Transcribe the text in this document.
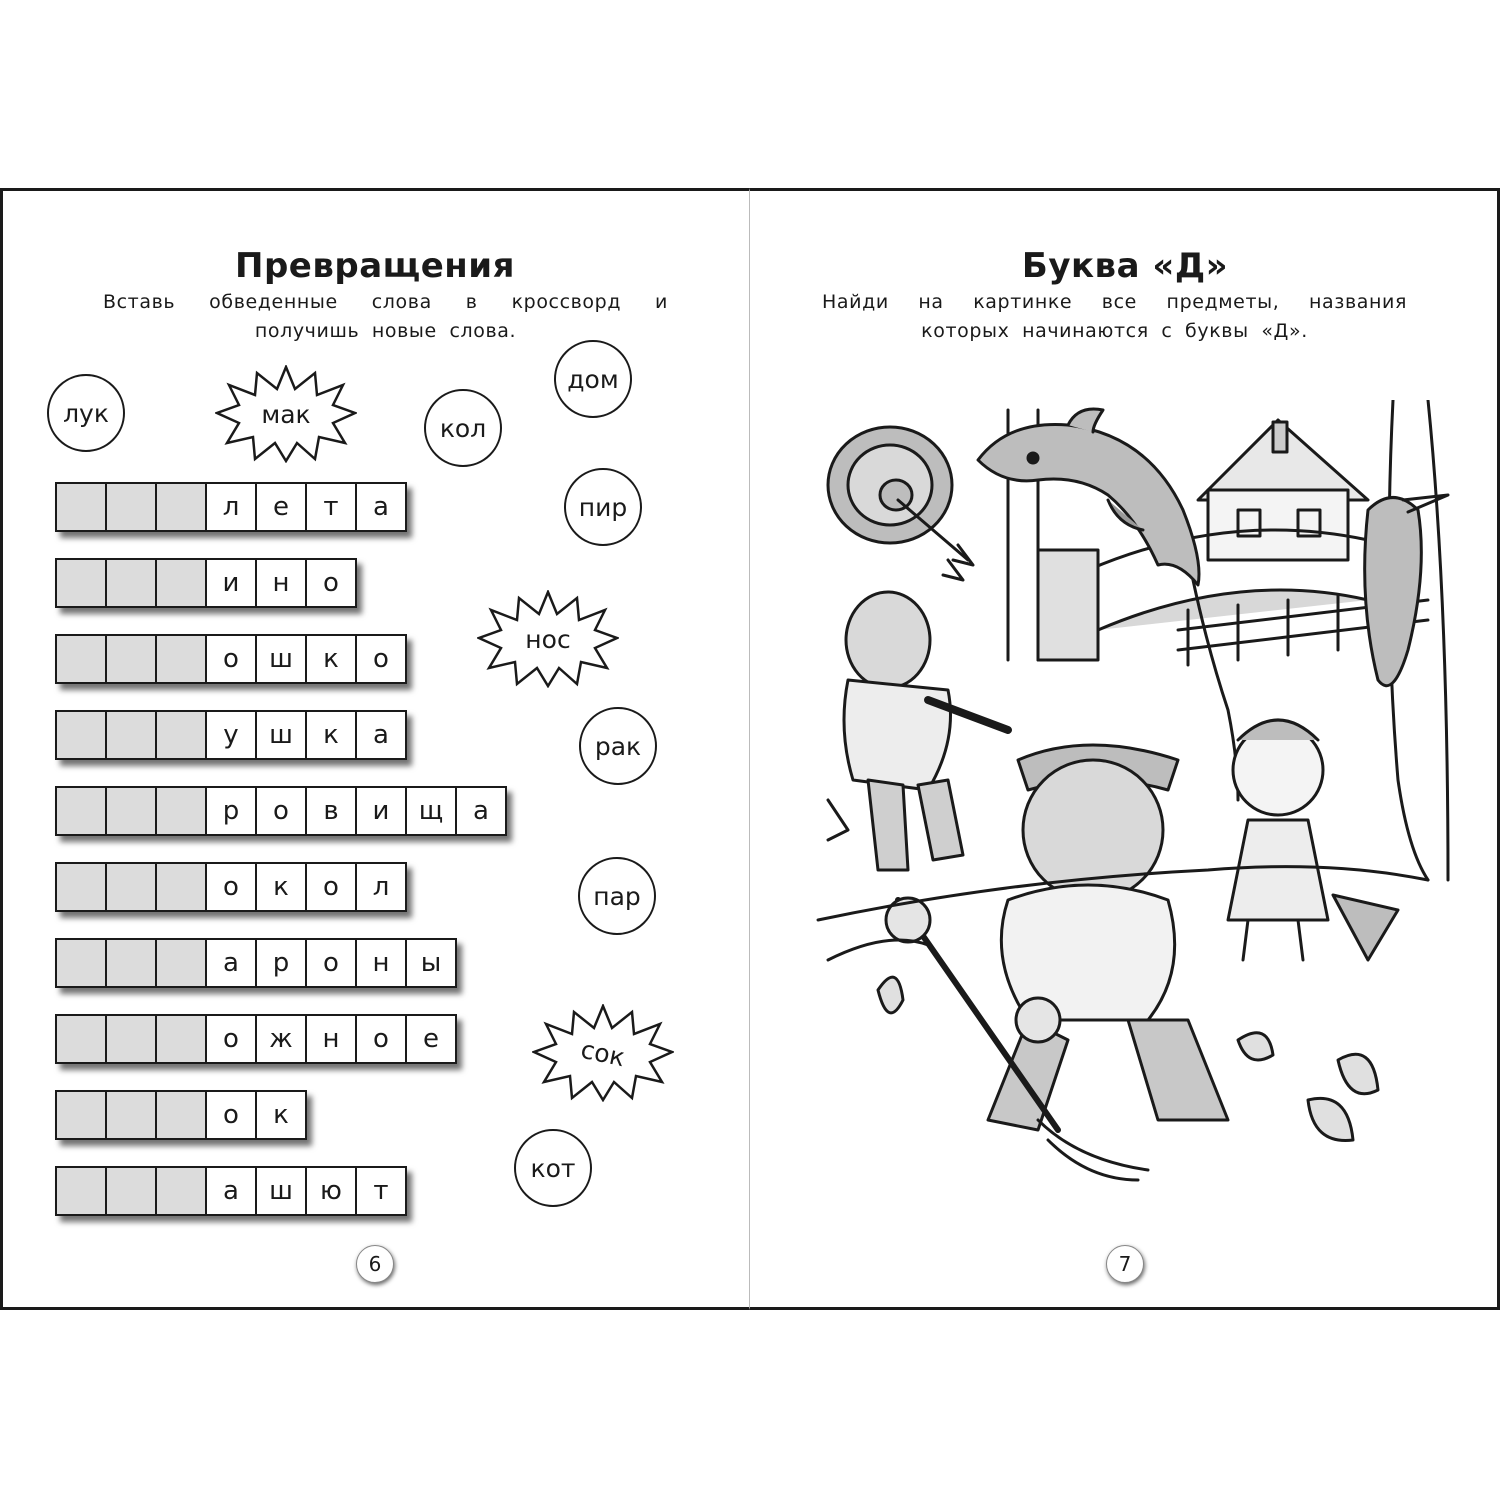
Превращения
Вставь обведенные слова в кроссворд и получишь новые слова.
л	е	т	а
и	н	о
о	ш	к	о
у	ш	к	а
р	о	в	и	щ	а
о	к	о	л
а	р	о	н	ы
о	ж	н	о	е
о	к
а	ш	ю	т
лук
кол
дом
пир
рак
пар
кот
мак
нос
сок
6
Буква «Д»
Найди на картинке все предметы, названия которых начинаются с буквы «Д».
7
